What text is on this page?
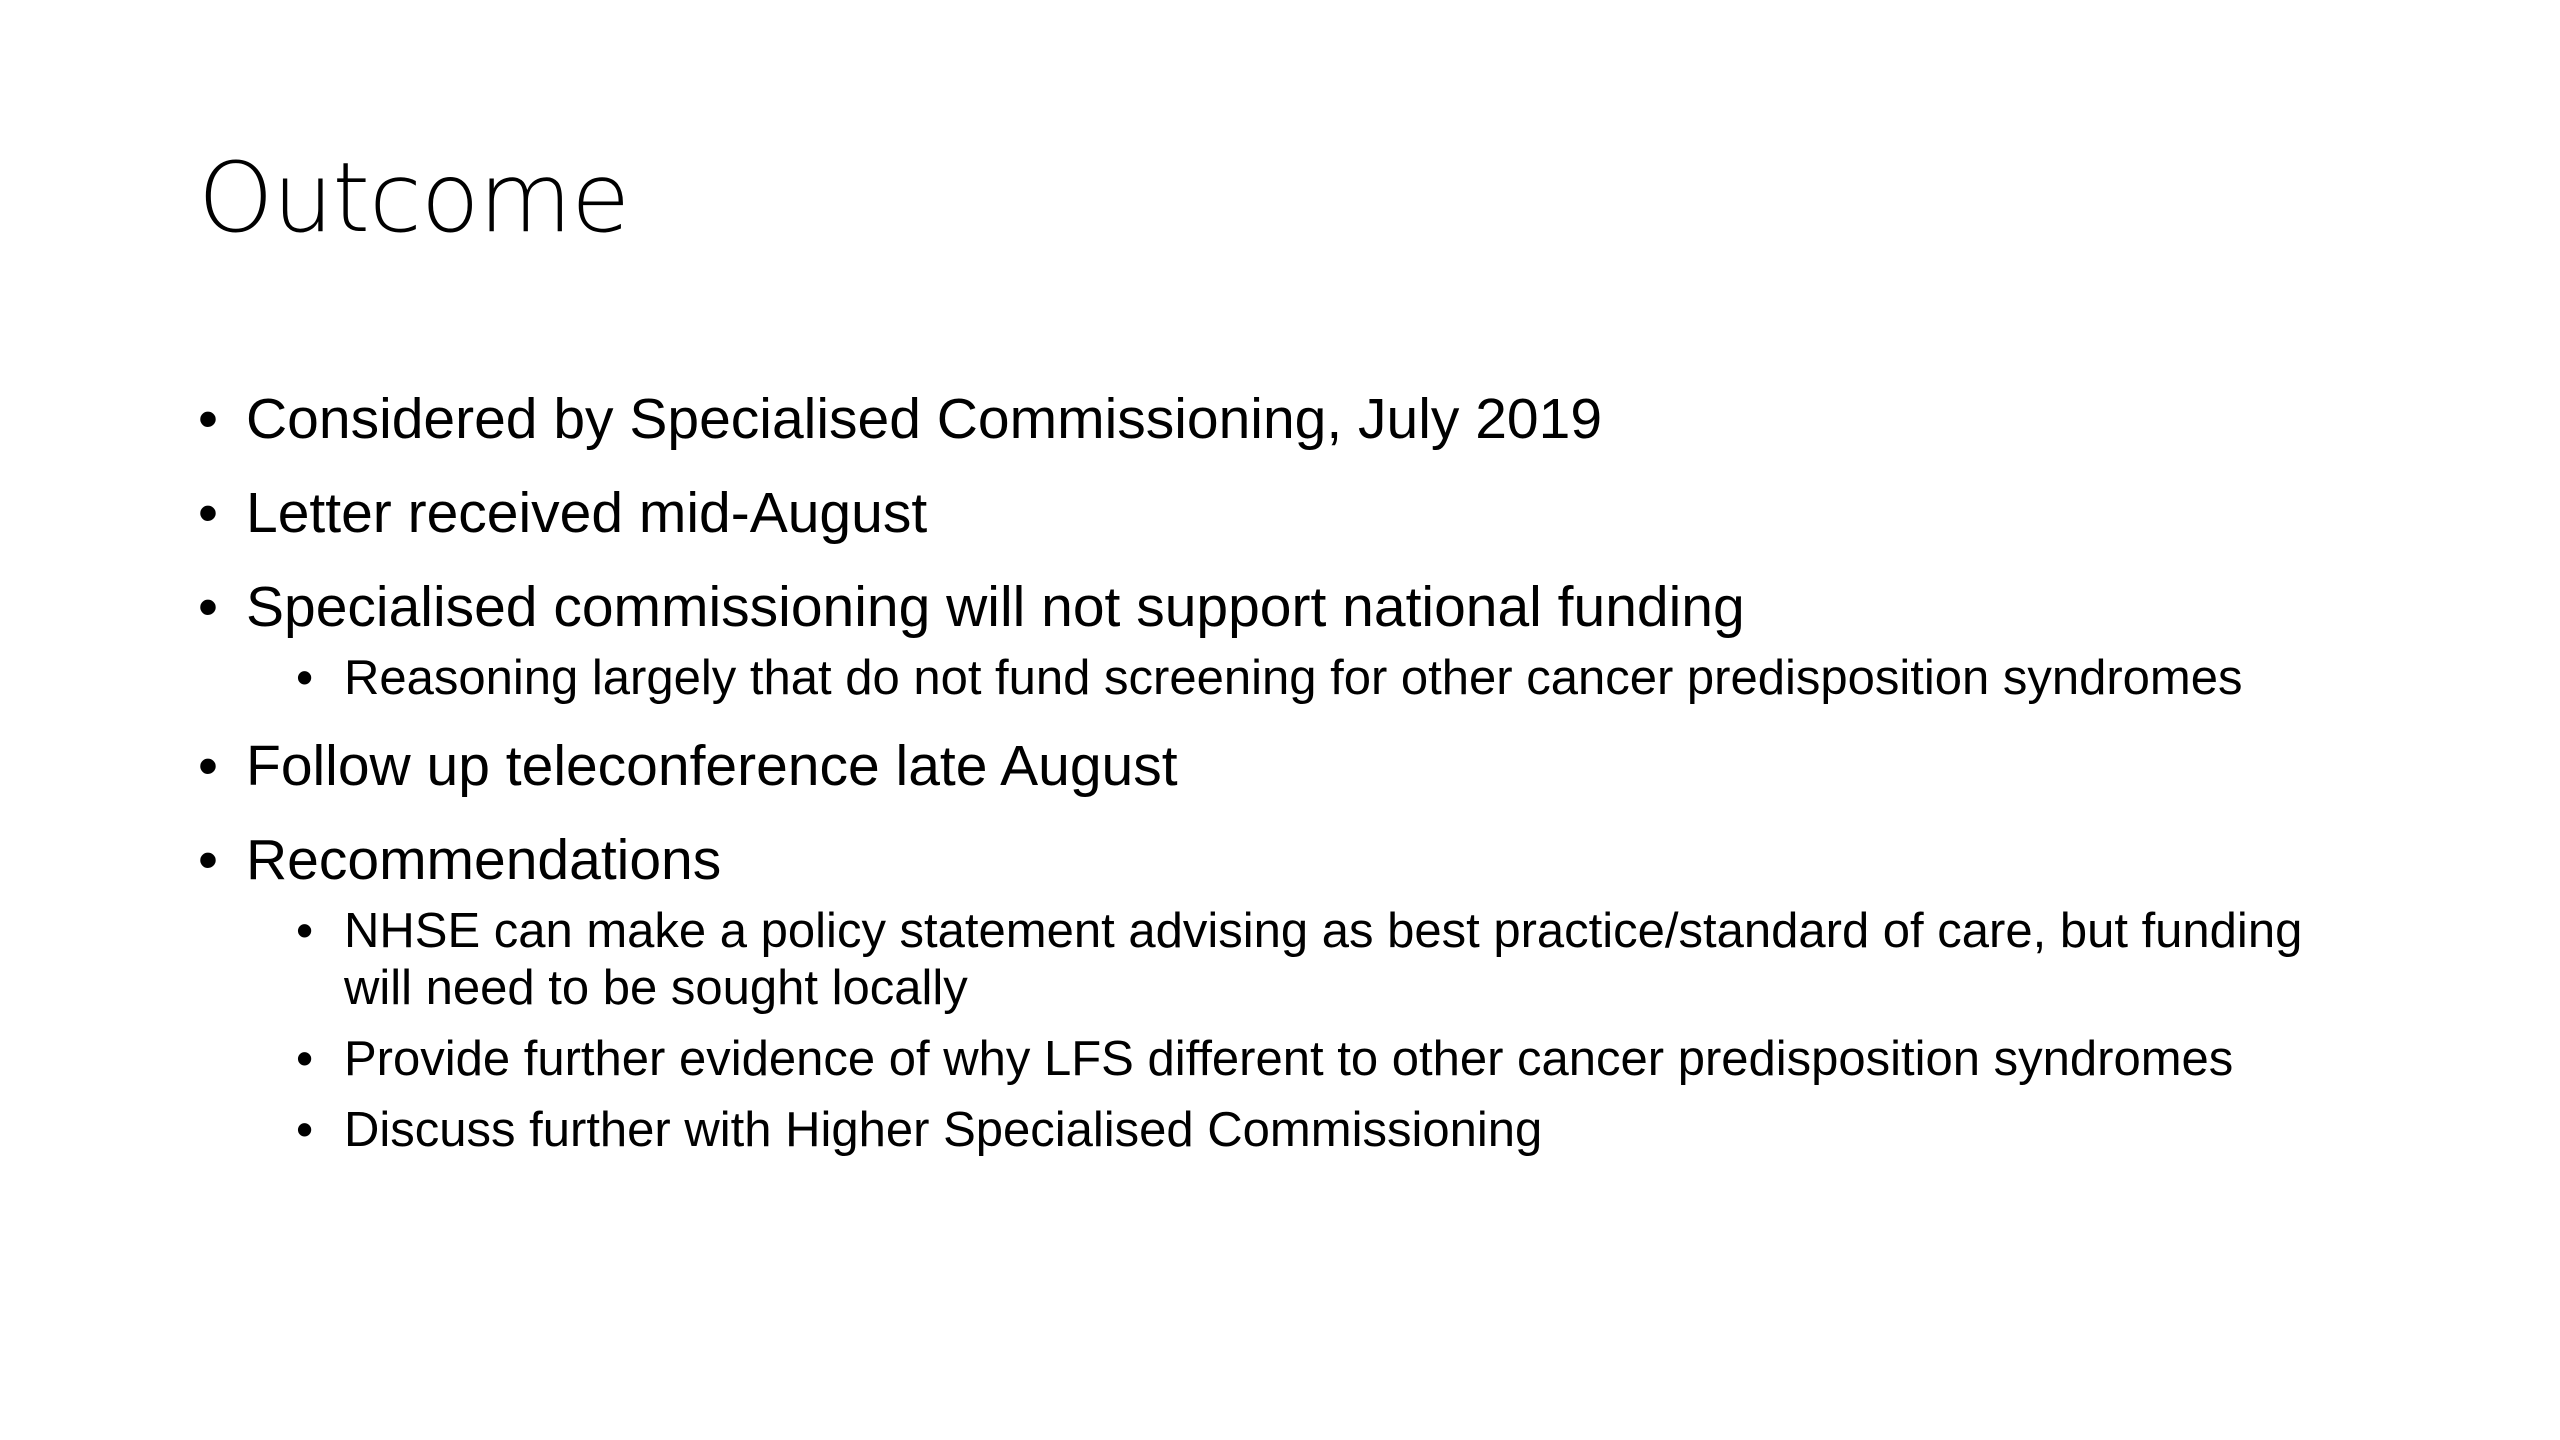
Outcome
• Considered by Specialised Commissioning, July 2019
• Letter received mid-August
• Specialised commissioning will not support national funding
• Reasoning largely that do not fund screening for other cancer predisposition syndromes
• Follow up teleconference late August
• Recommendations
• NHSE can make a policy statement advising as best practice/standard of care, but funding will need to be sought locally
• Provide further evidence of why LFS different to other cancer predisposition syndromes
• Discuss further with Higher Specialised Commissioning
